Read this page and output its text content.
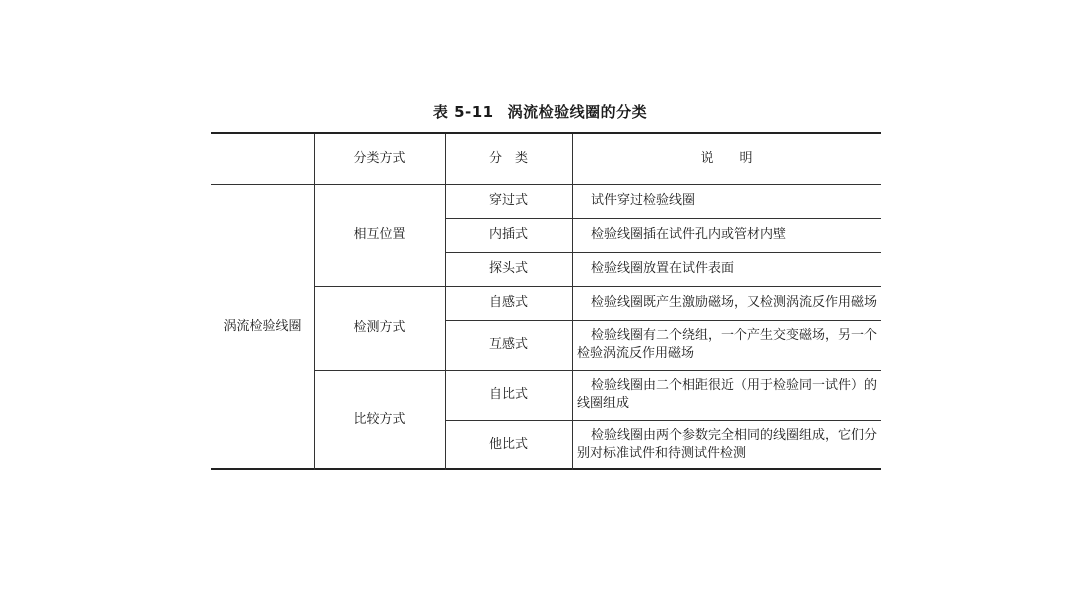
表 5-11 涡流检验线圈的分类
分类方式	分　类	说　　明
涡流检验线圈
相互位置
检测方式
比较方式
穿过式
内插式
探头式
自感式
互感式
自比式
他比式
试件穿过检验线圈
检验线圈插在试件孔内或管材内壁
检验线圈放置在试件表面
检验线圈既产生激励磁场，又检测涡流反作用磁场
检验线圈有二个绕组，一个产生交变磁场，另一个检验涡流反作用磁场
检验线圈由二个相距很近（用于检验同一试件）的线圈组成
检验线圈由两个参数完全相同的线圈组成，它们分别对标准试件和待测试件检测
